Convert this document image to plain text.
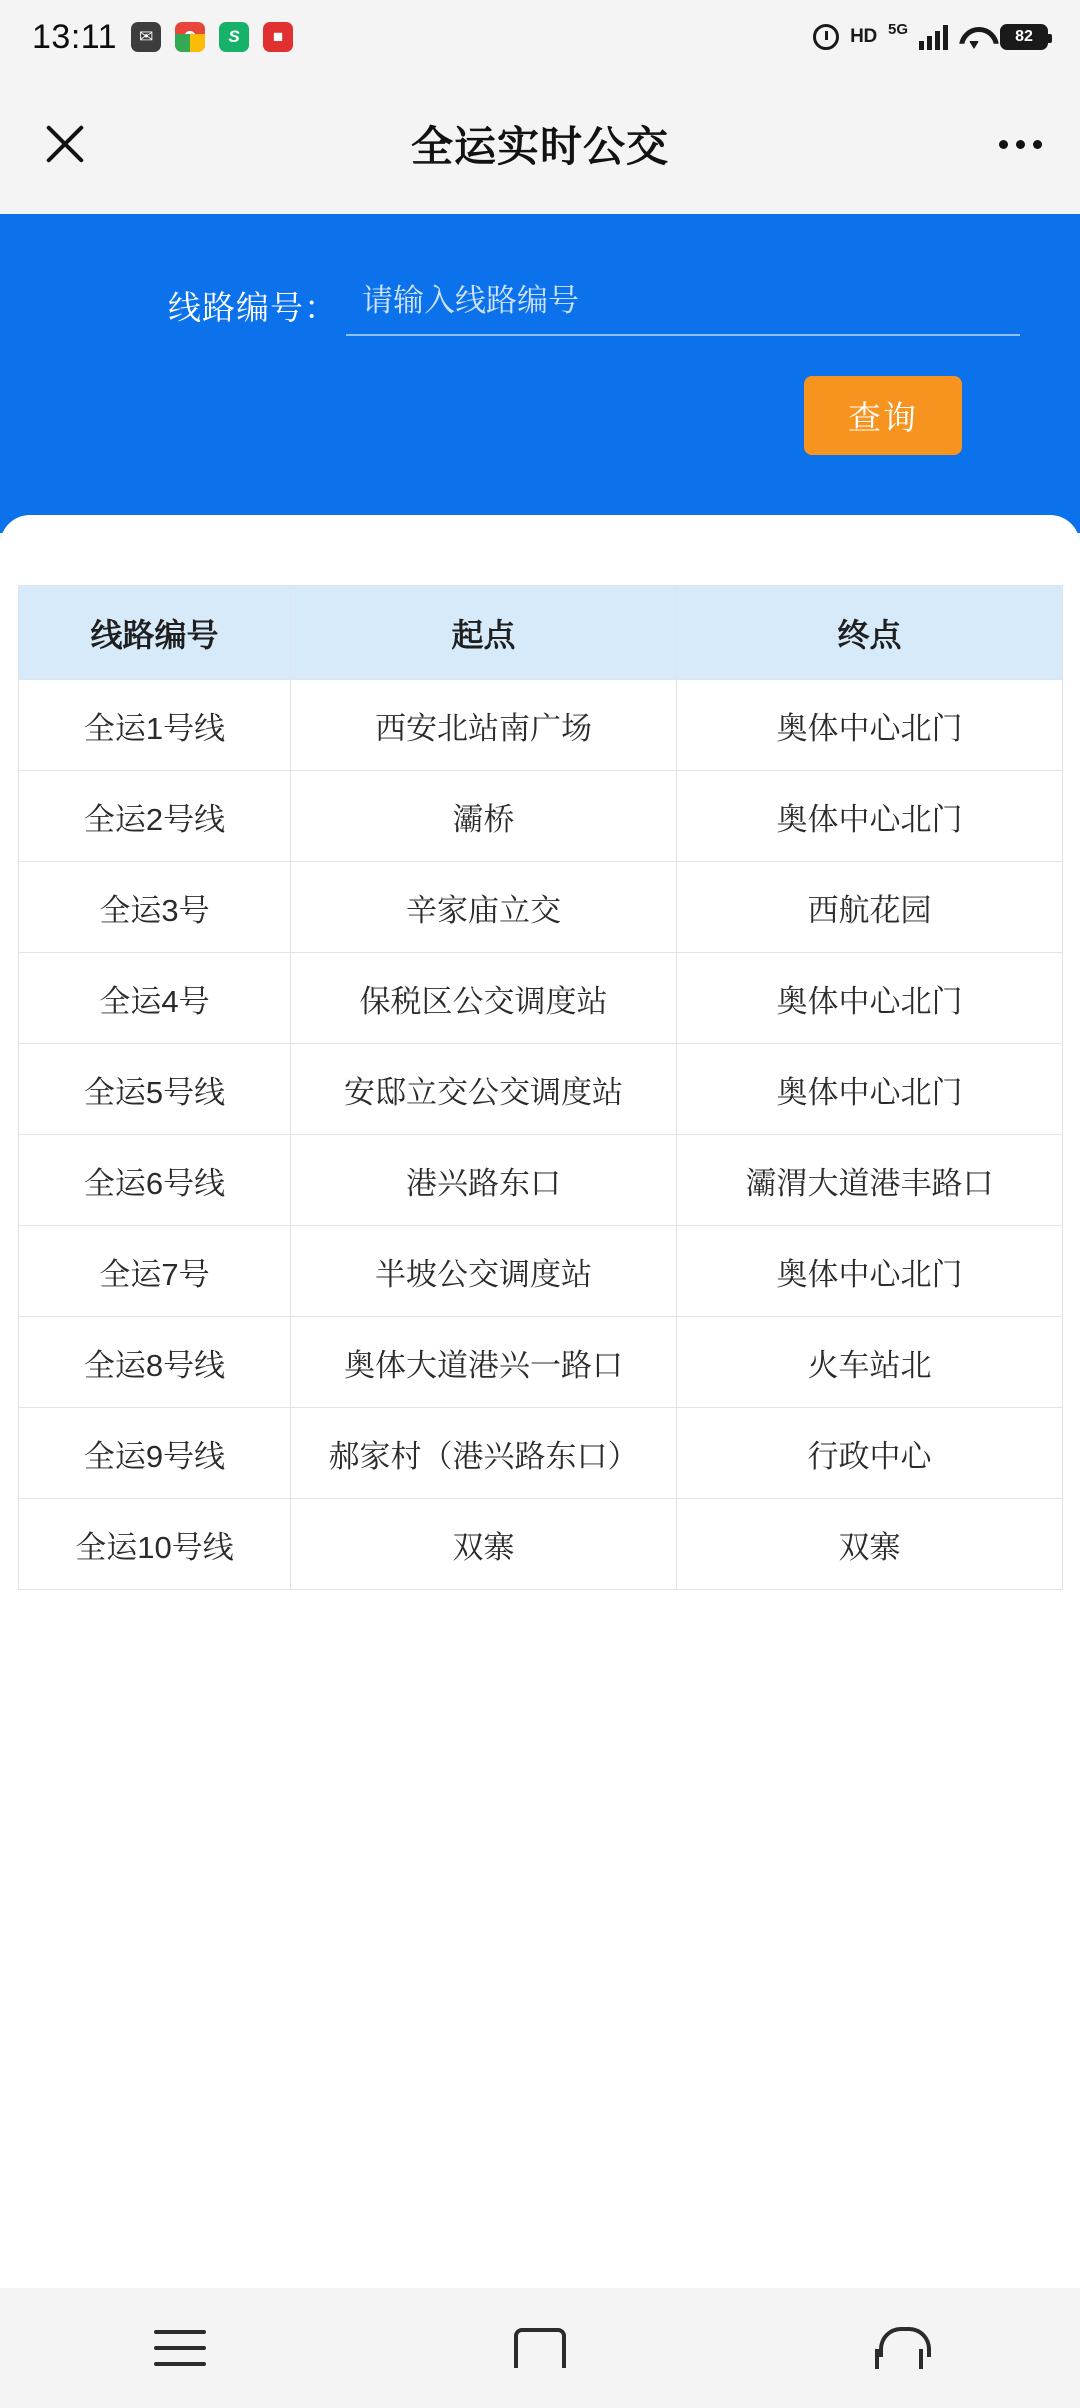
13:11	✉	S	■	HD 5G	82
全运实时公交
线路编号：
请输入线路编号
查询
线路编号	起点	终点
全运1号线	西安北站南广场	奥体中心北门
全运2号线	灞桥	奥体中心北门
全运3号	辛家庙立交	西航花园
全运4号	保税区公交调度站	奥体中心北门
全运5号线	安邸立交公交调度站	奥体中心北门
全运6号线	港兴路东口	灞渭大道港丰路口
全运7号	半坡公交调度站	奥体中心北门
全运8号线	奥体大道港兴一路口	火车站北
全运9号线	郝家村（港兴路东口）	行政中心
全运10号线	双寨	双寨
